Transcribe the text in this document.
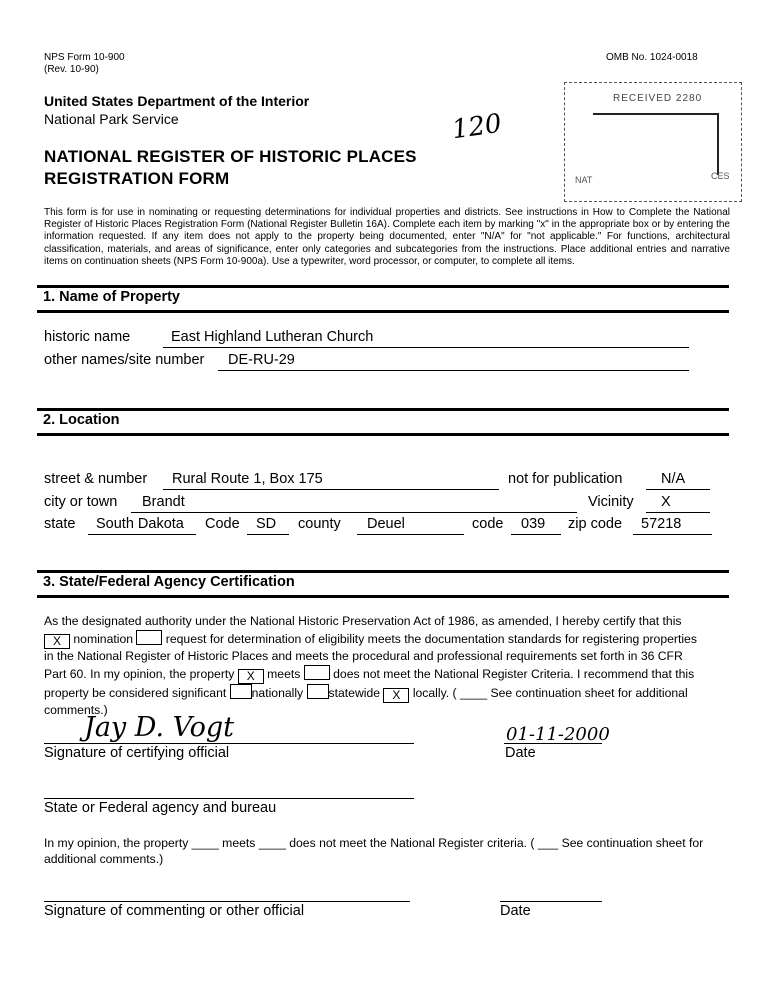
NPS Form 10-900
(Rev. 10-90)
OMB No. 1024-0018
United States Department of the Interior
National Park Service	120
NATIONAL REGISTER OF HISTORIC PLACES
REGISTRATION FORM
RECEIVED 2280
NAT	CES
This form is for use in nominating or requesting determinations for individual properties and districts. See instructions in How to Complete the National Register of Historic Places Registration Form (National Register Bulletin 16A). Complete each item by marking "x" in the appropriate box or by entering the information requested. If any item does not apply to the property being documented, enter "N/A" for "not applicable." For functions, architectural classification, materials, and areas of significance, enter only categories and subcategories from the instructions. Place additional entries and narrative items on continuation sheets (NPS Form 10-900a). Use a typewriter, word processor, or computer, to complete all items.
1. Name of Property
historic name	East Highland Lutheran Church
other names/site number DE-RU-29
2. Location
street & number Rural Route 1, Box 175	not for publication	N/A
city or town Brandt	Vicinity X
state South Dakota Code SD county Deuel	code 039 zip code 57218
3. State/Federal Agency Certification

As the designated authority under the National Historic Preservation Act of 1986, as amended, I hereby certify that this

X nomination	request for determination of eligibility meets the documentation standards for registering properties

in the National Register of Historic Places and meets the procedural and professional requirements set forth in 36 CFR

Part 60. In my opinion, the property X meets	does not meet the National Register Criteria. I recommend that this

property be considered significant nationally statewide X locally. ( ____ See continuation sheet for additional

comments.)

Jay D. Vogt
Signature of certifying official
01-11-2000
Date
State or Federal agency and bureau
In my opinion, the property ____ meets ____ does not meet the National Register criteria. ( ___ See continuation sheet for additional comments.)
Signature of commenting or other official	Date
